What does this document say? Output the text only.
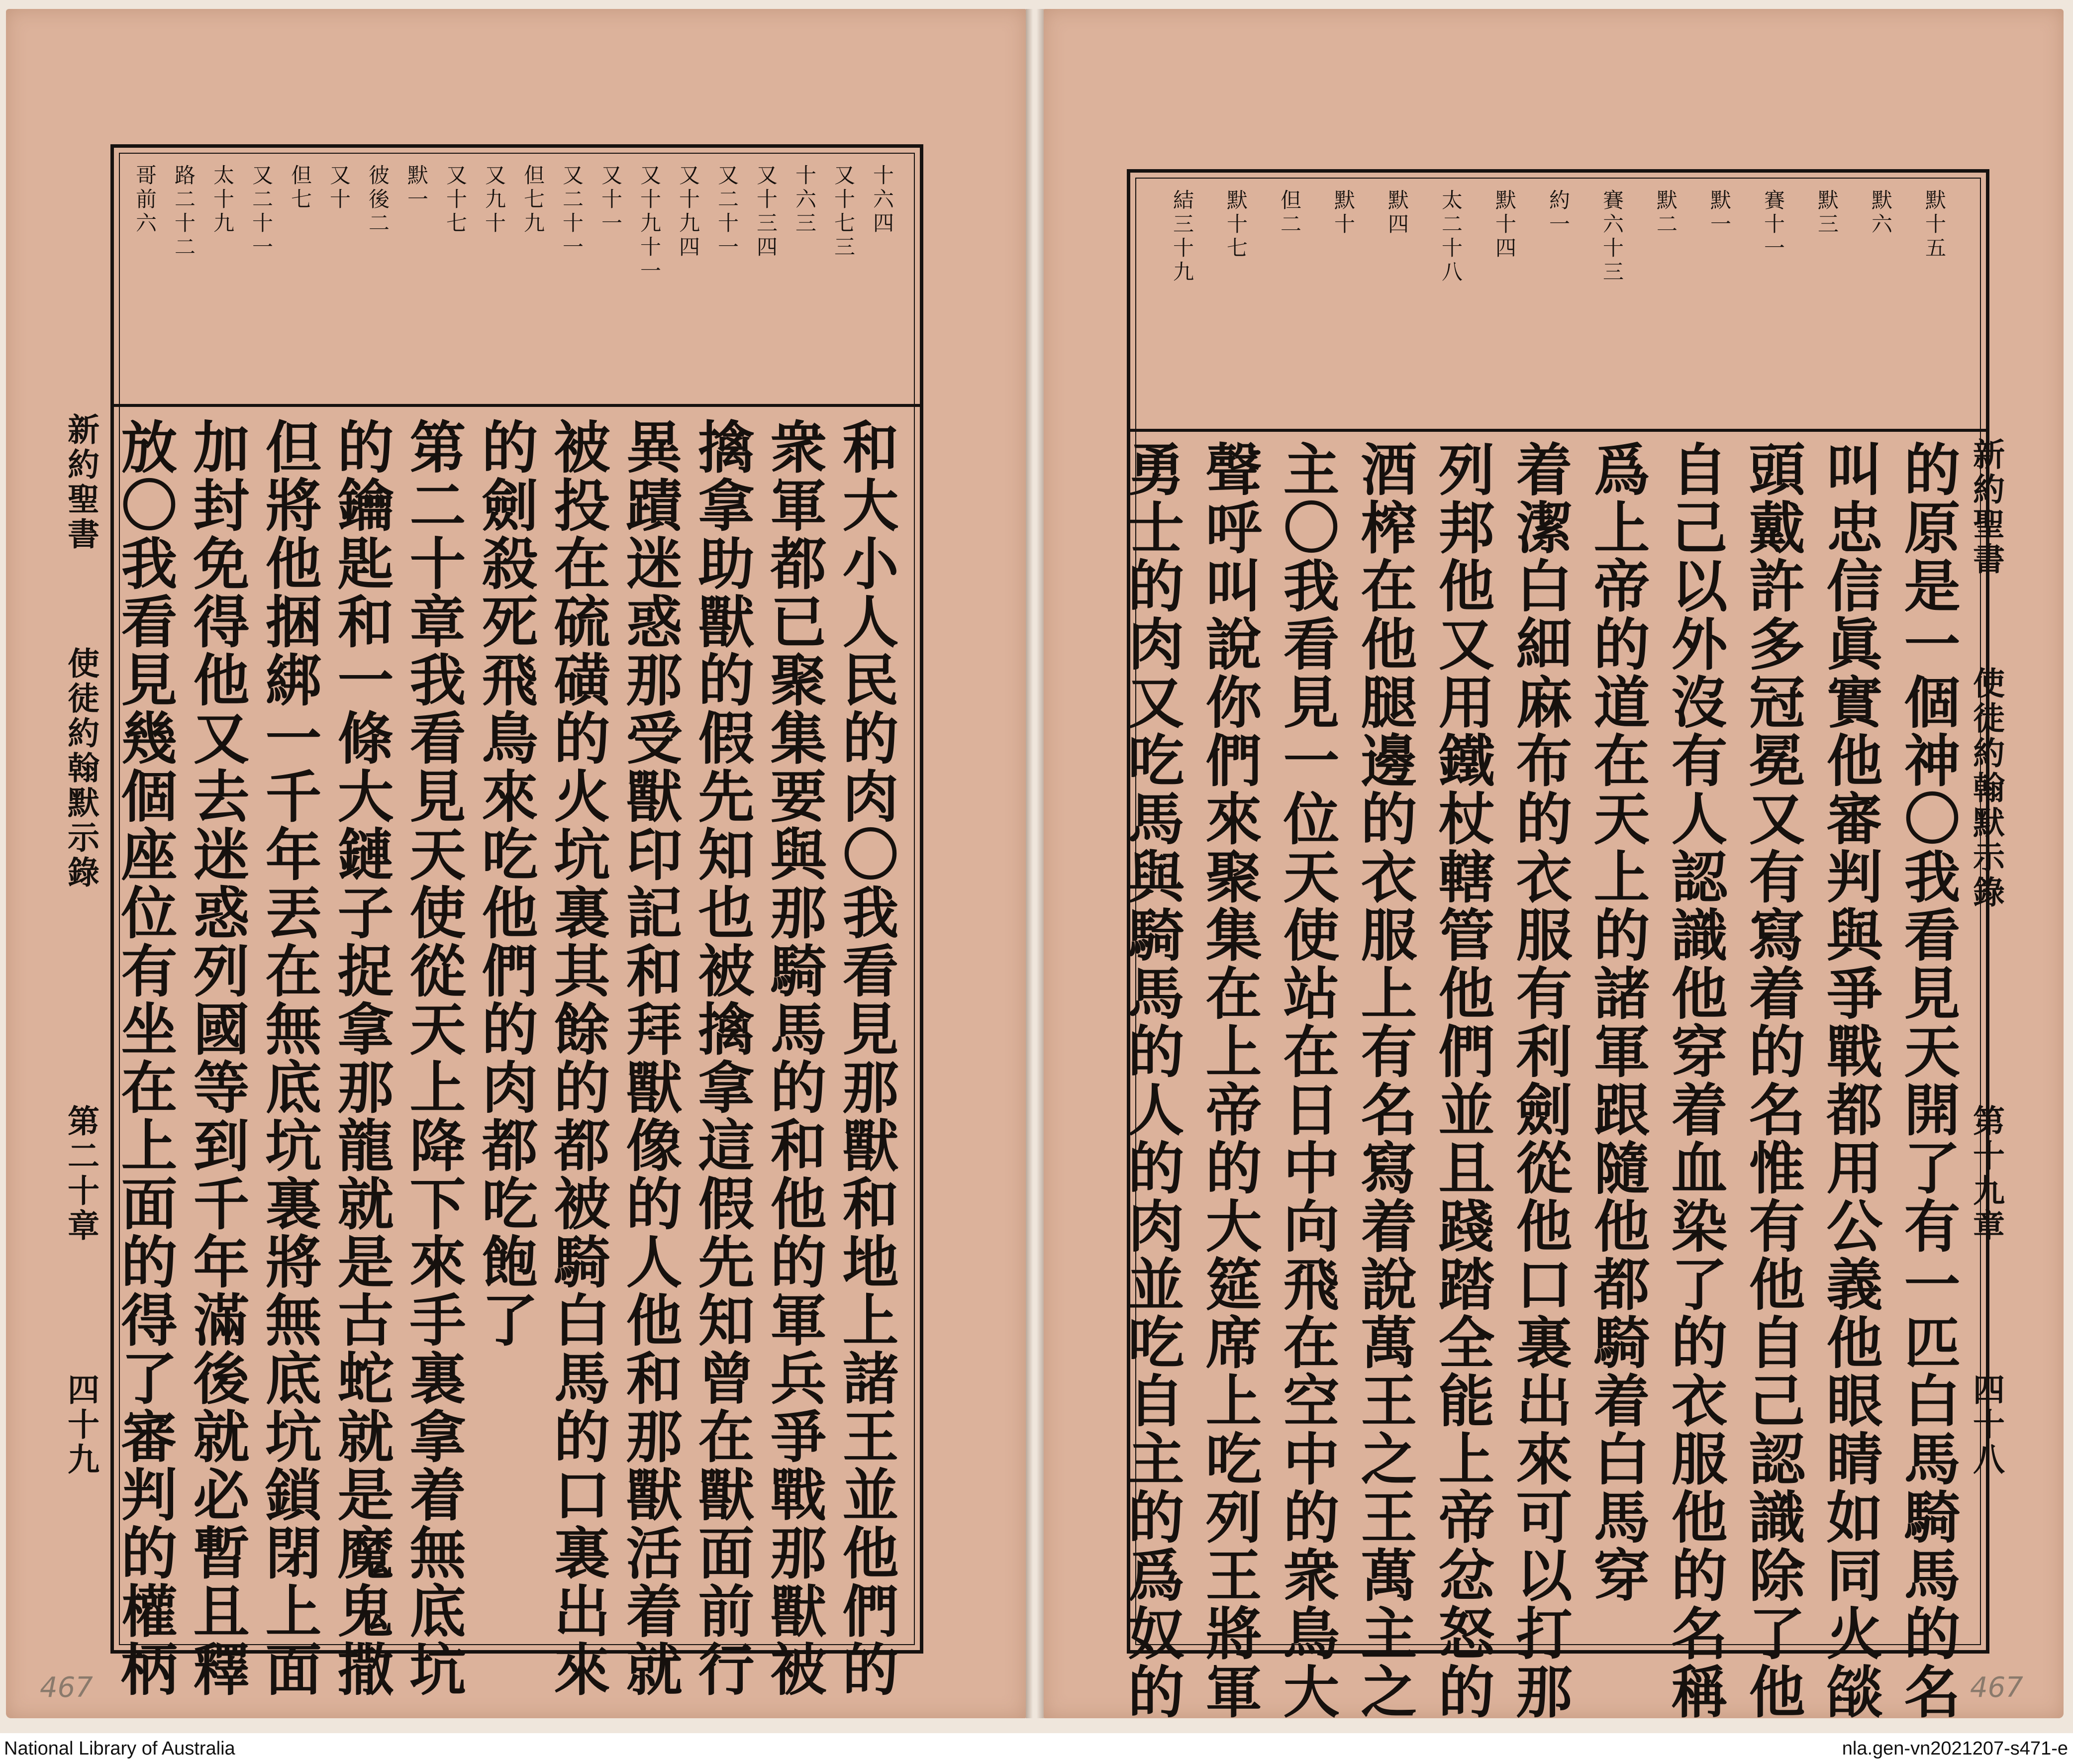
新約聖書
使徒約翰默示錄
第二十章
四十九
十六四
又十七三
十六三
又十三四
又二十一
又十九四
又十九十一
又十一
又二十一
但七九
又九十
又十七
默一
彼後二
又十
但七
又二十一
太十九
路二十二
哥前六
和大小人民的肉〇我看見那獸和地上諸王並他們的
衆軍都已聚集要與那騎馬的和他的軍兵爭戰那獸被
擒拿助獸的假先知也被擒拿這假先知曾在獸面前行
異蹟迷惑那受獸印記和拜獸像的人他和那獸活着就
被投在硫磺的火坑裏其餘的都被騎白馬的口裏出來
的劍殺死飛鳥來吃他們的肉都吃飽了
第二十章我看見天使從天上降下來手裏拿着無底坑
的鑰匙和一條大鏈子捉拿那龍就是古蛇就是魔鬼撒
但將他捆綁一千年丟在無底坑裏將無底坑鎖閉上面
加封免得他又去迷惑列國等到千年滿後就必暫且釋
放〇我看見幾個座位有坐在上面的得了審判的權柄	新約聖書
使徒約翰默示錄
第十九章
四十八
默十五
默六
默三
賽十一
默一
默二
賽六十三
約一
默十四
太二十八
默四
默十
但二
默十七
結三十九
的原是一個神〇我看見天開了有一匹白馬騎馬的名
叫忠信眞實他審判與爭戰都用公義他眼睛如同火燄
頭戴許多冠冕又有寫着的名惟有他自己認識除了他
自己以外沒有人認識他穿着血染了的衣服他的名稱
爲上帝的道在天上的諸軍跟隨他都騎着白馬穿
着潔白細麻布的衣服有利劍從他口裏出來可以打那
列邦他又用鐵杖轄管他們並且踐踏全能上帝忿怒的
酒榨在他腿邊的衣服上有名寫着說萬王之王萬主之
主〇我看見一位天使站在日中向飛在空中的衆鳥大
聲呼叫說你們來聚集在上帝的大筵席上吃列王將軍
勇士的肉又吃馬與騎馬的人的肉並吃自主的爲奴的
467	467
National Library of Australia	nla.gen-vn2021207-s471-e
